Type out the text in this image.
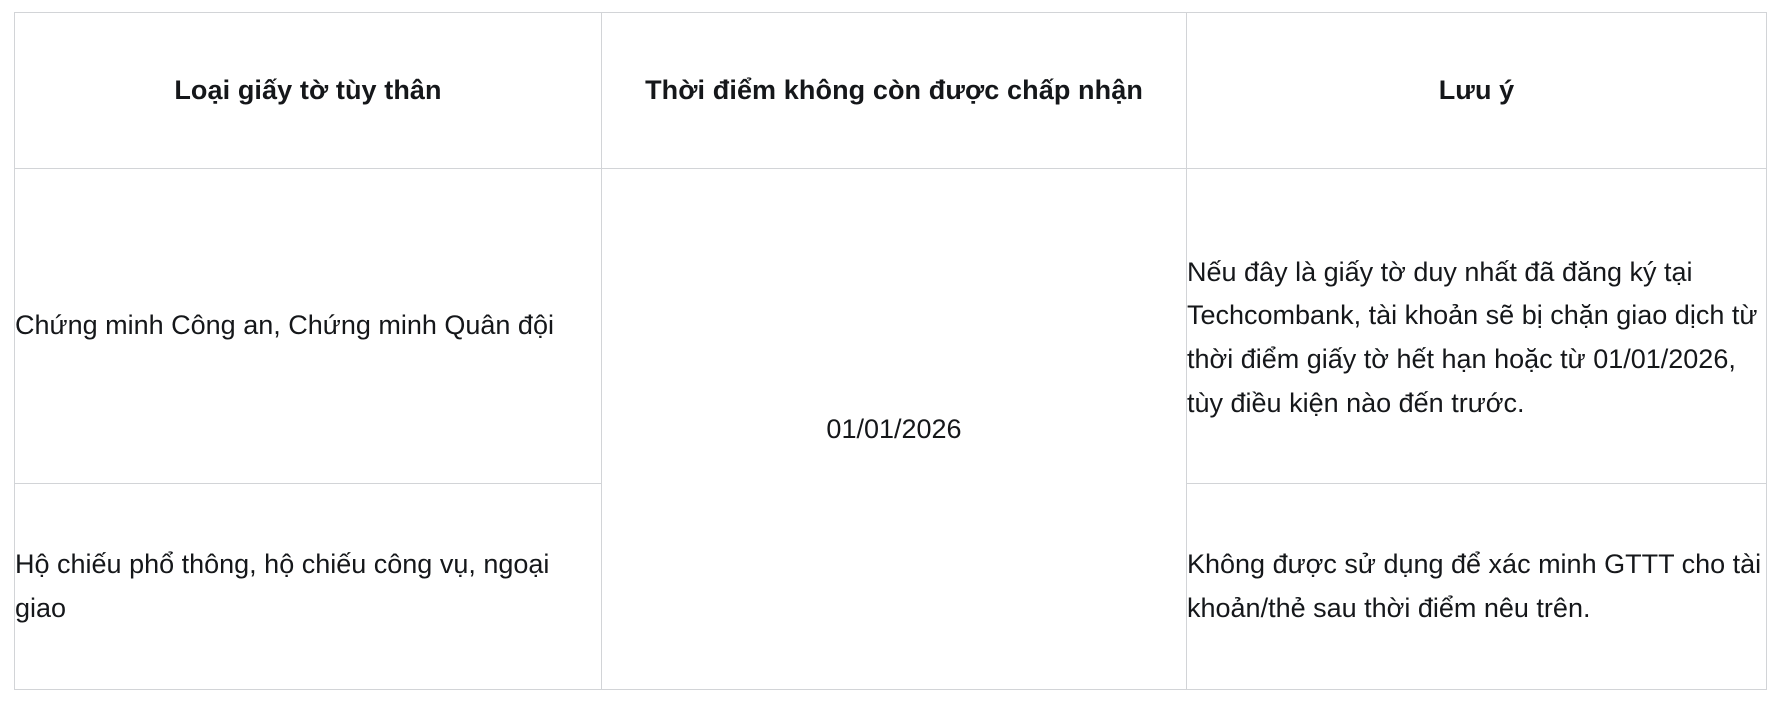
Loại giấy tờ tùy thân	Thời điểm không còn được chấp nhận	Lưu ý

Chứng minh Công an, Chứng minh Quân đội	01/01/2026	Nếu đây là giấy tờ duy nhất đã đăng ký tại Techcombank, tài khoản sẽ bị chặn giao dịch từ thời điểm giấy tờ hết hạn hoặc từ 01/01/2026, tùy điều kiện nào đến trước.
Hộ chiếu phổ thông, hộ chiếu công vụ, ngoại giao		Không được sử dụng để xác minh GTTT cho tài khoản/thẻ sau thời điểm nêu trên.
